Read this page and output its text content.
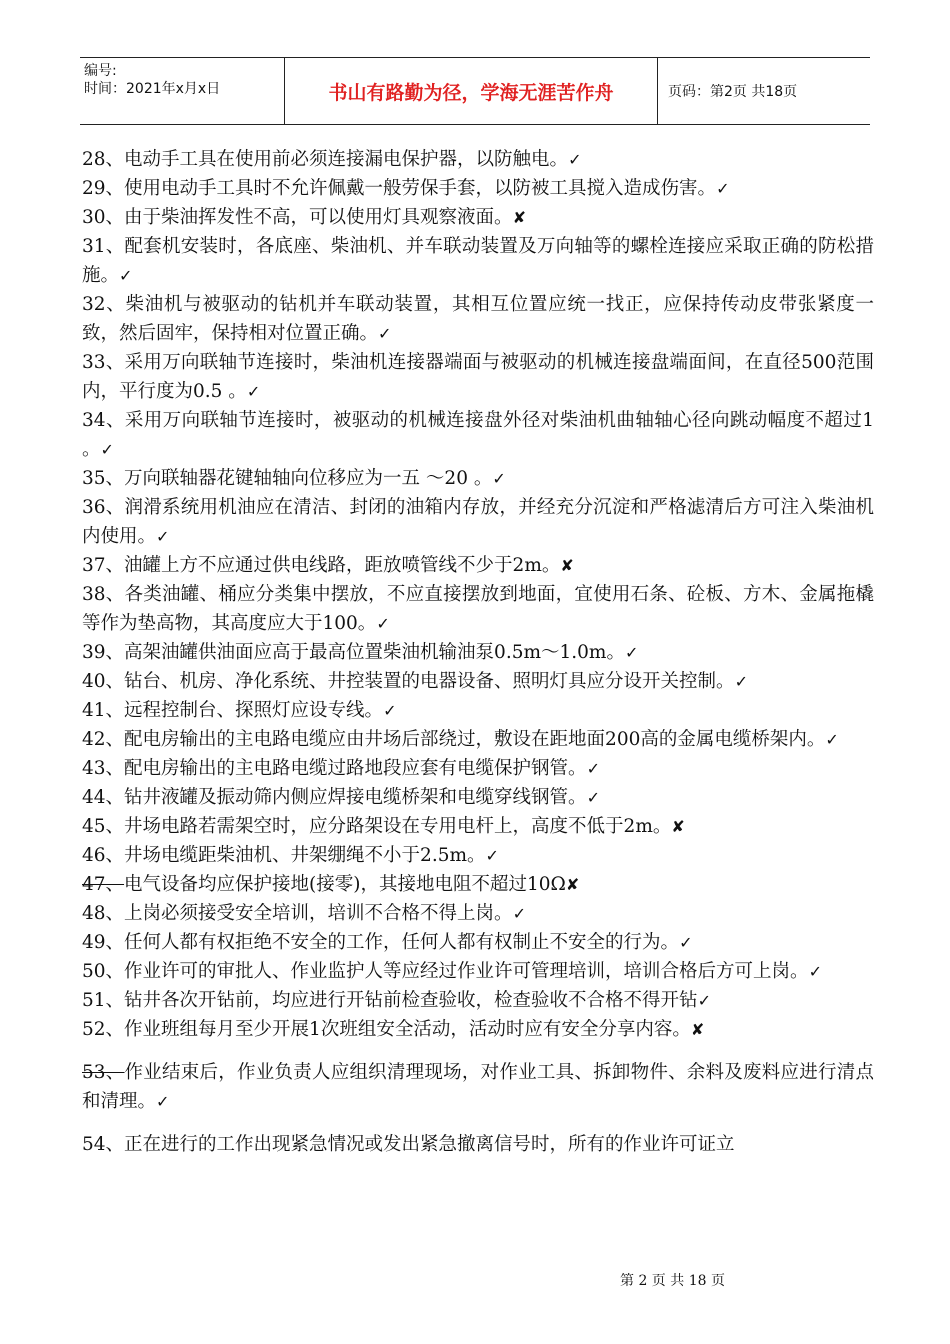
编号:
时间：2021年x月x日	书山有路勤为径，学海无涯苦作舟	页码：第2页 共18页
28、电动手工具在使用前必须连接漏电保护器，以防触电。✓
29、使用电动手工具时不允许佩戴一般劳保手套，以防被工具搅入造成伤害。✓
30、由于柴油挥发性不高，可以使用灯具观察液面。✘
31、配套机安装时，各底座、柴油机、并车联动装置及万向轴等的螺栓连接应采取正确的防松措施。✓
32、柴油机与被驱动的钻机并车联动装置，其相互位置应统一找正，应保持传动皮带张紧度一致，然后固牢，保持相对位置正确。✓
33、采用万向联轴节连接时，柴油机连接器端面与被驱动的机械连接盘端面间，在直径500范围内，平行度为0.5 。✓
34、采用万向联轴节连接时，被驱动的机械连接盘外径对柴油机曲轴轴心径向跳动幅度不超过1 。✓
35、万向联轴器花键轴轴向位移应为一五 ～20 。✓
36、润滑系统用机油应在清洁、封闭的油箱内存放，并经充分沉淀和严格滤清后方可注入柴油机内使用。✓
37、油罐上方不应通过供电线路，距放喷管线不少于2m。✘
38、各类油罐、桶应分类集中摆放，不应直接摆放到地面，宜使用石条、砼板、方木、金属拖橇等作为垫高物，其高度应大于100。✓
39、高架油罐供油面应高于最高位置柴油机输油泵0.5m～1.0m。✓
40、钻台、机房、净化系统、井控装置的电器设备、照明灯具应分设开关控制。✓
41、远程控制台、探照灯应设专线。✓
42、配电房输出的主电路电缆应由井场后部绕过，敷设在距地面200高的金属电缆桥架内。✓
43、配电房输出的主电路电缆过路地段应套有电缆保护钢管。✓
44、钻井液罐及振动筛内侧应焊接电缆桥架和电缆穿线钢管。✓
45、井场电路若需架空时，应分路架设在专用电杆上，高度不低于2m。✘
46、井场电缆距柴油机、井架绷绳不小于2.5m。✓
47、电气设备均应保护接地(接零)，其接地电阻不超过10Ω✘
48、上岗必须接受安全培训，培训不合格不得上岗。✓
49、任何人都有权拒绝不安全的工作，任何人都有权制止不安全的行为。✓
50、作业许可的审批人、作业监护人等应经过作业许可管理培训，培训合格后方可上岗。✓
51、钻井各次开钻前，均应进行开钻前检查验收，检查验收不合格不得开钻✓
52、作业班组每月至少开展1次班组安全活动，活动时应有安全分享内容。✘
53、作业结束后，作业负责人应组织清理现场，对作业工具、拆卸物件、余料及废料应进行清点和清理。✓
54、正在进行的工作出现紧急情况或发出紧急撤离信号时，所有的作业许可证立
第 2 页 共 18 页
